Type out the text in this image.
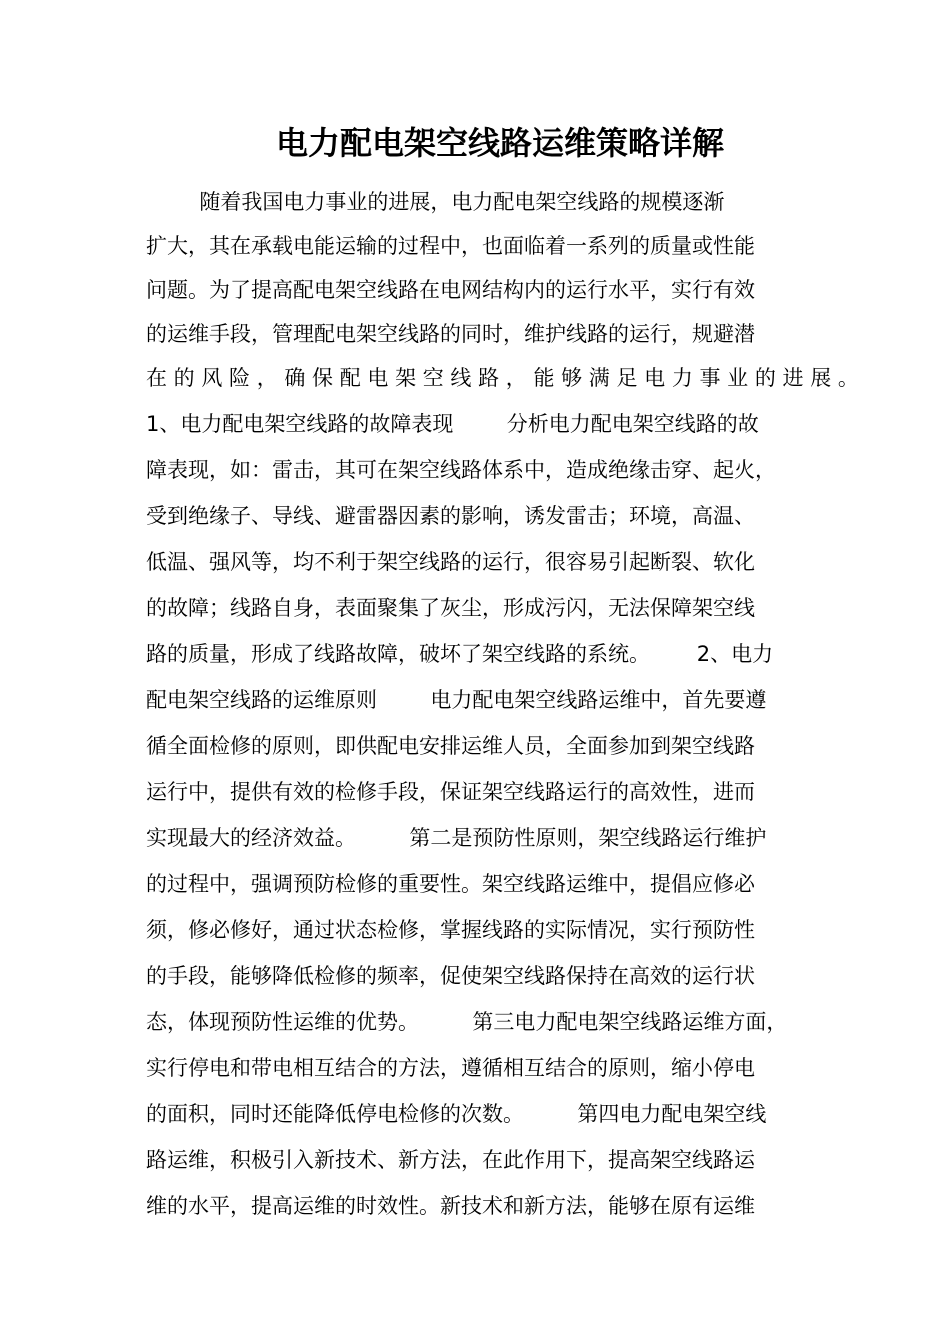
电力配电架空线路运维策略详解
随着我国电力事业的进展，电力配电架空线路的规模逐渐
扩大，其在承载电能运输的过程中，也面临着一系列的质量或性能
问题。为了提高配电架空线路在电网结构内的运行水平，实行有效
的运维手段，管理配电架空线路的同时，维护线路的运行，规避潜
在 的 风 险 ， 确 保 配 电 架 空 线 路 ， 能 够 满 足 电 力 事 业 的 进 展 。
1、电力配电架空线路的故障表现        分析电力配电架空线路的故
障表现，如：雷击，其可在架空线路体系中，造成绝缘击穿、起火，
受到绝缘子、导线、避雷器因素的影响，诱发雷击；环境，高温、
低温、强风等，均不利于架空线路的运行，很容易引起断裂、软化
的故障；线路自身，表面聚集了灰尘，形成污闪，无法保障架空线
路的质量，形成了线路故障，破坏了架空线路的系统。       2、电力
配电架空线路的运维原则        电力配电架空线路运维中，首先要遵
循全面检修的原则，即供配电安排运维人员，全面参加到架空线路
运行中，提供有效的检修手段，保证架空线路运行的高效性，进而
实现最大的经济效益。        第二是预防性原则，架空线路运行维护
的过程中，强调预防检修的重要性。架空线路运维中，提倡应修必
须，修必修好，通过状态检修，掌握线路的实际情况，实行预防性
的手段，能够降低检修的频率，促使架空线路保持在高效的运行状
态，体现预防性运维的优势。        第三电力配电架空线路运维方面，
实行停电和带电相互结合的方法，遵循相互结合的原则，缩小停电
的面积，同时还能降低停电检修的次数。        第四电力配电架空线
路运维，积极引入新技术、新方法，在此作用下，提高架空线路运
维的水平，提高运维的时效性。新技术和新方法，能够在原有运维
